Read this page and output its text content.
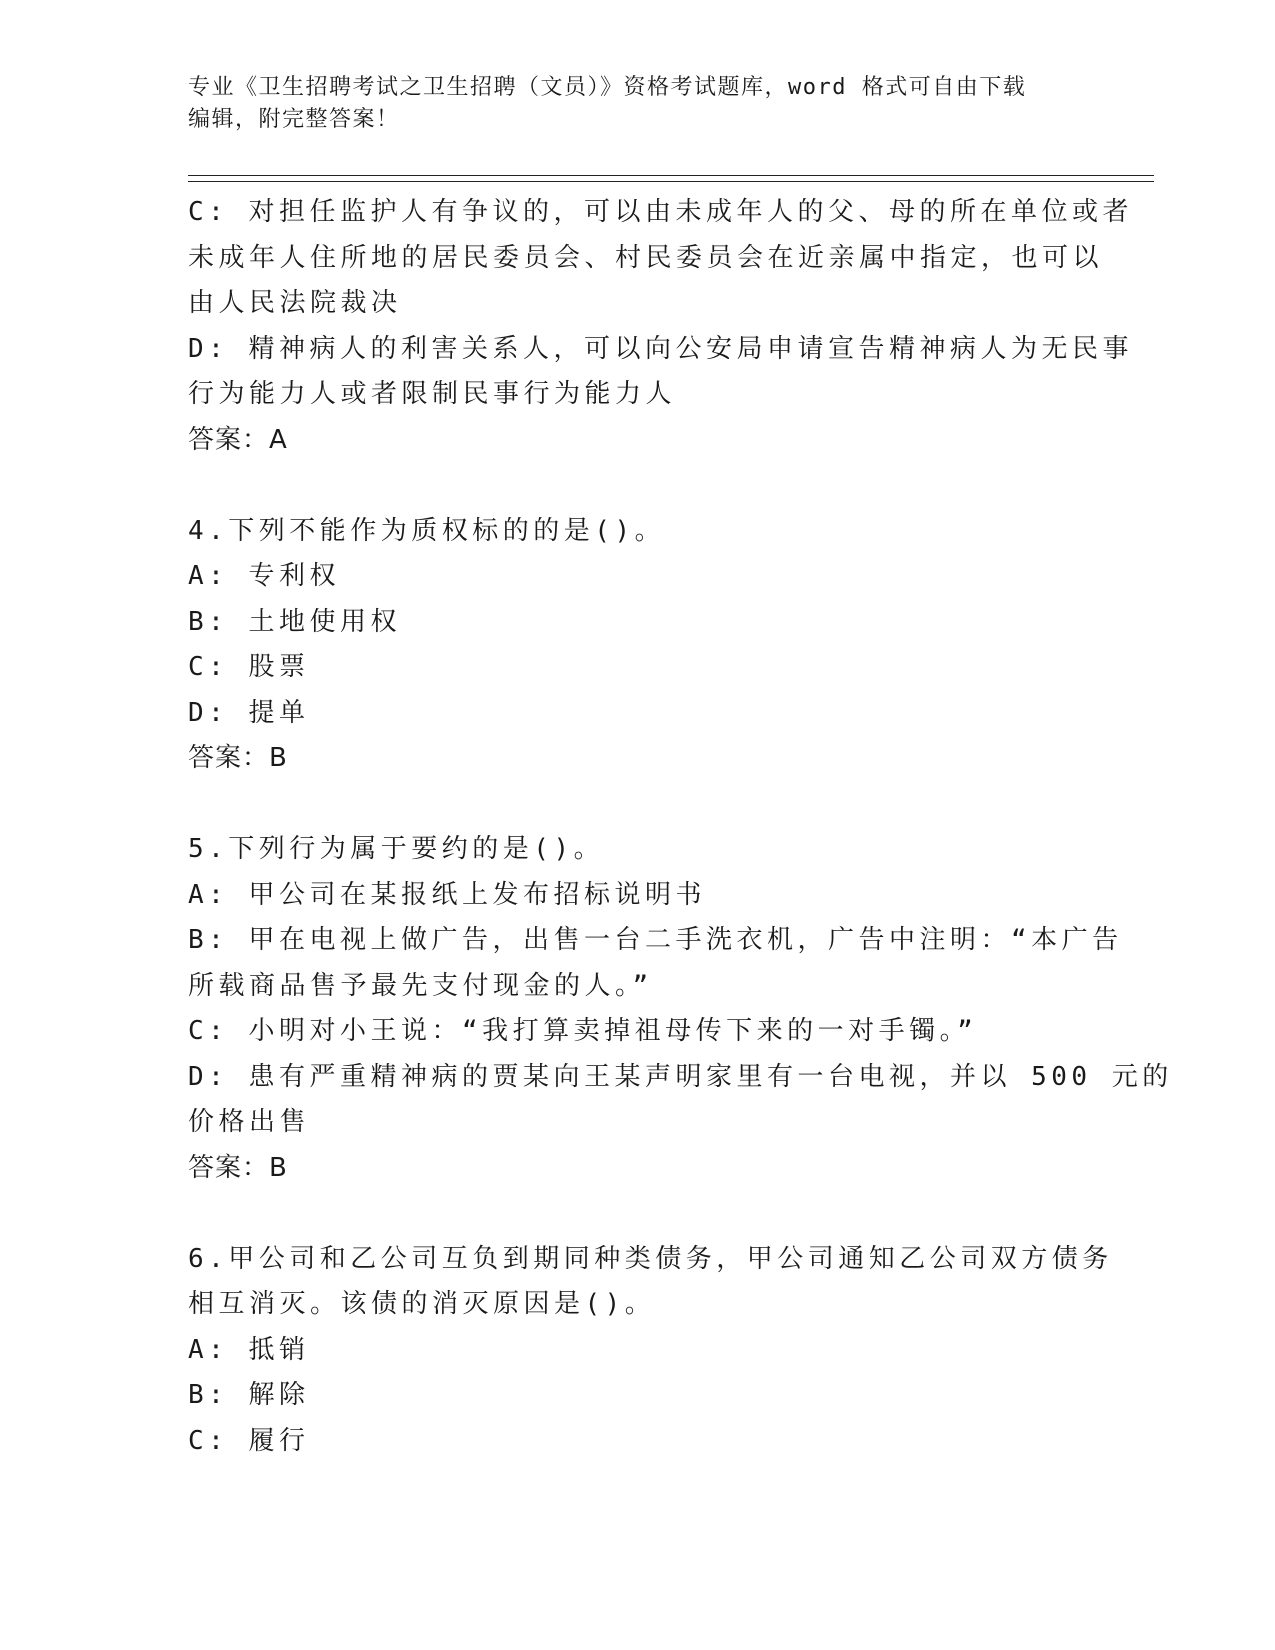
专业《卫生招聘考试之卫生招聘（文员）》资格考试题库，word 格式可自由下载
编辑，附完整答案！
C: 对担任监护人有争议的，可以由未成年人的父、母的所在单位或者
未成年人住所地的居民委员会、村民委员会在近亲属中指定，也可以
由人民法院裁决
D: 精神病人的利害关系人，可以向公安局申请宣告精神病人为无民事
行为能力人或者限制民事行为能力人
答案：A
4.下列不能作为质权标的的是()。
A: 专利权
B: 土地使用权
C: 股票
D: 提单
答案：B
5.下列行为属于要约的是()。
A: 甲公司在某报纸上发布招标说明书
B: 甲在电视上做广告，出售一台二手洗衣机，广告中注明：“本广告
所载商品售予最先支付现金的人。”
C: 小明对小王说：“我打算卖掉祖母传下来的一对手镯。”
D: 患有严重精神病的贾某向王某声明家里有一台电视，并以 500 元的
价格出售
答案：B
6.甲公司和乙公司互负到期同种类债务，甲公司通知乙公司双方债务
相互消灭。该债的消灭原因是()。
A: 抵销
B: 解除
C: 履行
